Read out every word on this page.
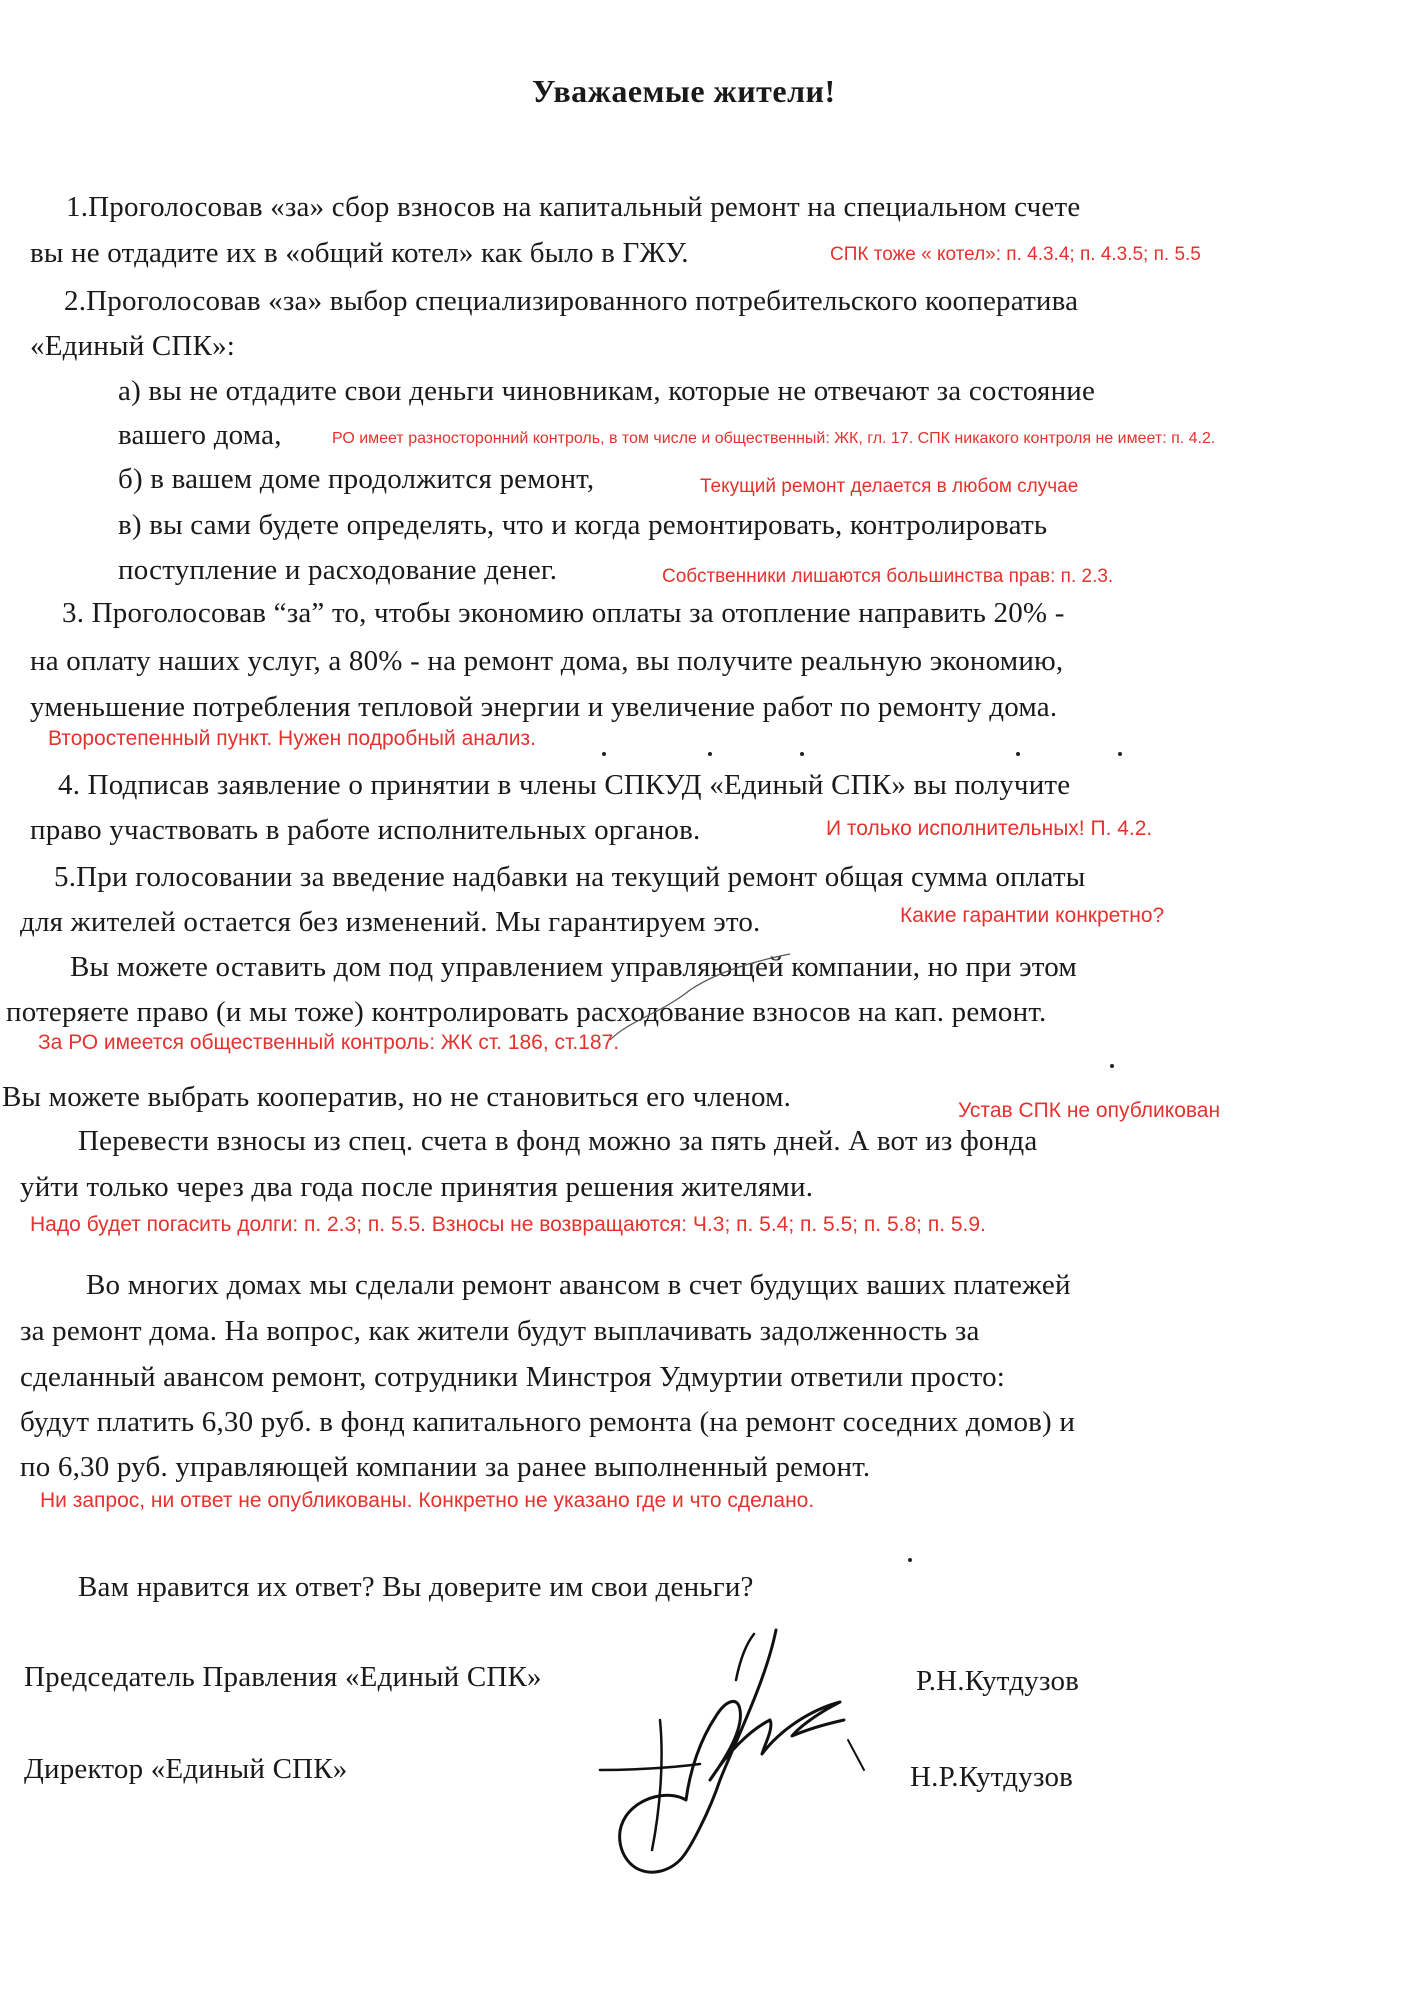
Уважаемые жители!
1.Проголосовав «за» сбор взносов на капитальный ремонт на специальном счете
вы не отдадите их в «общий котел» как было в ГЖУ.
2.Проголосовав «за» выбор специализированного потребительского кооператива
«Единый СПК»:
а) вы не отдадите свои деньги чиновникам, которые не отвечают за состояние
вашего дома,
б) в вашем доме продолжится ремонт,
в) вы сами будете определять, что и когда ремонтировать, контролировать
поступление и расходование денег.
3. Проголосовав “за” то, чтобы экономию оплаты за отопление направить 20% -
на оплату наших услуг, а 80% - на ремонт дома, вы получите реальную экономию,
уменьшение потребления тепловой энергии и увеличение работ по ремонту дома.
4. Подписав заявление о принятии в члены СПКУД «Единый СПК» вы получите
право участвовать в работе исполнительных органов.
5.При голосовании за введение надбавки на текущий ремонт общая сумма оплаты
для жителей остается без изменений. Мы гарантируем это.
Вы можете оставить дом под управлением управляющей компании, но при этом
потеряете право (и мы тоже) контролировать расходование взносов на кап. ремонт.
Вы можете выбрать кооператив, но не становиться его членом.
Перевести взносы из спец. счета в фонд можно за пять дней. А вот из фонда
уйти только через два года после принятия решения жителями.
Во многих домах мы сделали ремонт авансом в счет будущих ваших платежей
за ремонт дома. На вопрос, как жители будут выплачивать задолженность за
сделанный авансом ремонт, сотрудники Минстроя Удмуртии ответили просто:
будут платить 6,30 руб. в фонд капитального ремонта (на ремонт соседних домов) и
по 6,30 руб. управляющей компании за ранее выполненный ремонт.
Вам нравится их ответ? Вы доверите им свои деньги?
Председатель Правления «Единый СПК»	Р.Н.Кутдузов
Директор «Единый СПК»	Н.Р.Кутдузов
СПК тоже « котел»: п. 4.3.4; п. 4.3.5; п. 5.5
РО имеет разносторонний контроль, в том числе и общественный: ЖК, гл. 17. СПК никакого контроля не имеет: п. 4.2.
Текущий ремонт делается в любом случае
Собственники лишаются большинства прав: п. 2.3.
Второстепенный пункт. Нужен подробный анализ.
И только исполнительных! П. 4.2.
Какие гарантии конкретно?
За РО имеется общественный контроль: ЖК ст. 186, ст.187.
Устав СПК не опубликован
Надо будет погасить долги: п. 2.3; п. 5.5. Взносы не возвращаются: Ч.3; п. 5.4; п. 5.5; п. 5.8; п. 5.9.
Ни запрос, ни ответ не опубликованы. Конкретно не указано где и что сделано.
